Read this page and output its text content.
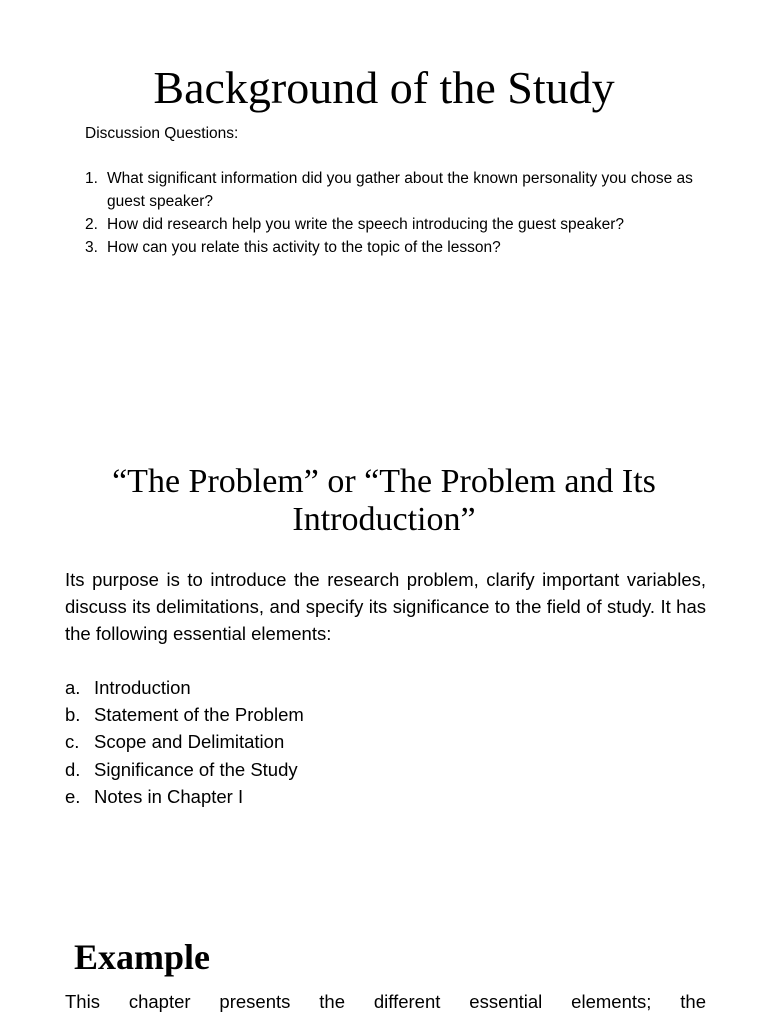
Background of the Study
Discussion Questions:
1. What significant information did you gather about the known personality you chose as guest speaker?
2. How did research help you write the speech introducing the guest speaker?
3. How can you relate this activity to the topic of the lesson?
“The Problem” or “The Problem and Its
Introduction”

Its purpose is to introduce the research problem, clarify important variables, discuss its delimitations, and specify its significance to the field of study. It has the following essential elements:

a. Introduction
b. Statement of the Problem
c. Scope and Delimitation
d. Significance of the Study
e. Notes in Chapter I
Example

This chapter presents the different essential elements; the
